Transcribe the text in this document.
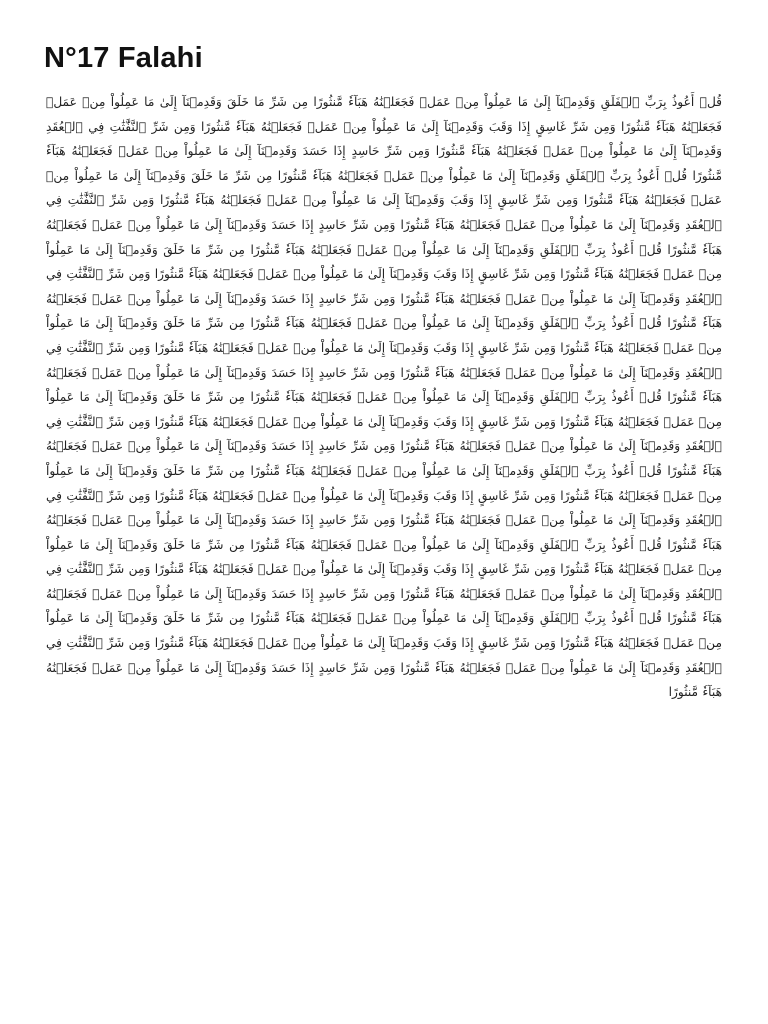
N°17 Falahi

قُلۡ أَعُوذُ بِرَبِّ ٱلۡفَلَقِ وَقَدِمۡنَآ إِلَىٰ مَا عَمِلُواْ مِنۡ عَمَلٖ فَجَعَلۡنَٰهُ هَبَآءٗ مَّنثُورًا مِن شَرِّ مَا خَلَقَ وَقَدِمۡنَآ إِلَىٰ مَا عَمِلُواْ مِنۡ عَمَلٖ فَجَعَلۡنَٰهُ هَبَآءٗ مَّنثُورًا وَمِن شَرِّ غَاسِقٍ إِذَا وَقَبَ وَقَدِمۡنَآ إِلَىٰ مَا عَمِلُواْ مِنۡ عَمَلٖ فَجَعَلۡنَٰهُ هَبَآءٗ مَّنثُورًا وَمِن شَرِّ ٱلنَّفَّٰثَٰتِ فِي ٱلۡعُقَدِ وَقَدِمۡنَآ إِلَىٰ مَا عَمِلُواْ مِنۡ عَمَلٖ فَجَعَلۡنَٰهُ هَبَآءٗ مَّنثُورًا وَمِن شَرِّ حَاسِدٍ إِذَا حَسَدَ وَقَدِمۡنَآ إِلَىٰ مَا عَمِلُواْ مِنۡ عَمَلٖ فَجَعَلۡنَٰهُ هَبَآءٗ مَّنثُورًا قُلۡ أَعُوذُ بِرَبِّ ٱلۡفَلَقِ وَقَدِمۡنَآ إِلَىٰ مَا عَمِلُواْ مِنۡ عَمَلٖ فَجَعَلۡنَٰهُ هَبَآءٗ مَّنثُورًا مِن شَرِّ مَا خَلَقَ وَقَدِمۡنَآ إِلَىٰ مَا عَمِلُواْ مِنۡ عَمَلٖ فَجَعَلۡنَٰهُ هَبَآءٗ مَّنثُورًا وَمِن شَرِّ غَاسِقٍ إِذَا وَقَبَ وَقَدِمۡنَآ إِلَىٰ مَا عَمِلُواْ مِنۡ عَمَلٖ فَجَعَلۡنَٰهُ هَبَآءٗ مَّنثُورًا وَمِن شَرِّ ٱلنَّفَّٰثَٰتِ فِي ٱلۡعُقَدِ وَقَدِمۡنَآ إِلَىٰ مَا عَمِلُواْ مِنۡ عَمَلٖ فَجَعَلۡنَٰهُ هَبَآءٗ مَّنثُورًا وَمِن شَرِّ حَاسِدٍ إِذَا حَسَدَ وَقَدِمۡنَآ إِلَىٰ مَا عَمِلُواْ مِنۡ عَمَلٖ فَجَعَلۡنَٰهُ هَبَآءٗ مَّنثُورًا قُلۡ أَعُوذُ بِرَبِّ ٱلۡفَلَقِ وَقَدِمۡنَآ إِلَىٰ مَا عَمِلُواْ مِنۡ عَمَلٖ فَجَعَلۡنَٰهُ هَبَآءٗ مَّنثُورًا مِن شَرِّ مَا خَلَقَ وَقَدِمۡنَآ إِلَىٰ مَا عَمِلُواْ مِنۡ عَمَلٖ فَجَعَلۡنَٰهُ هَبَآءٗ مَّنثُورًا وَمِن شَرِّ غَاسِقٍ إِذَا وَقَبَ وَقَدِمۡنَآ إِلَىٰ مَا عَمِلُواْ مِنۡ عَمَلٖ فَجَعَلۡنَٰهُ هَبَآءٗ مَّنثُورًا وَمِن شَرِّ ٱلنَّفَّٰثَٰتِ فِي ٱلۡعُقَدِ وَقَدِمۡنَآ إِلَىٰ مَا عَمِلُواْ مِنۡ عَمَلٖ فَجَعَلۡنَٰهُ هَبَآءٗ مَّنثُورًا وَمِن شَرِّ حَاسِدٍ إِذَا حَسَدَ وَقَدِمۡنَآ إِلَىٰ مَا عَمِلُواْ مِنۡ عَمَلٖ فَجَعَلۡنَٰهُ هَبَآءٗ مَّنثُورًا قُلۡ أَعُوذُ بِرَبِّ ٱلۡفَلَقِ وَقَدِمۡنَآ إِلَىٰ مَا عَمِلُواْ مِنۡ عَمَلٖ فَجَعَلۡنَٰهُ هَبَآءٗ مَّنثُورًا مِن شَرِّ مَا خَلَقَ وَقَدِمۡنَآ إِلَىٰ مَا عَمِلُواْ مِنۡ عَمَلٖ فَجَعَلۡنَٰهُ هَبَآءٗ مَّنثُورًا وَمِن شَرِّ غَاسِقٍ إِذَا وَقَبَ وَقَدِمۡنَآ إِلَىٰ مَا عَمِلُواْ مِنۡ عَمَلٖ فَجَعَلۡنَٰهُ هَبَآءٗ مَّنثُورًا وَمِن شَرِّ ٱلنَّفَّٰثَٰتِ فِي ٱلۡعُقَدِ وَقَدِمۡنَآ إِلَىٰ مَا عَمِلُواْ مِنۡ عَمَلٖ فَجَعَلۡنَٰهُ هَبَآءٗ مَّنثُورًا وَمِن شَرِّ حَاسِدٍ إِذَا حَسَدَ وَقَدِمۡنَآ إِلَىٰ مَا عَمِلُواْ مِنۡ عَمَلٖ فَجَعَلۡنَٰهُ هَبَآءٗ مَّنثُورًا قُلۡ أَعُوذُ بِرَبِّ ٱلۡفَلَقِ وَقَدِمۡنَآ إِلَىٰ مَا عَمِلُواْ مِنۡ عَمَلٖ فَجَعَلۡنَٰهُ هَبَآءٗ مَّنثُورًا مِن شَرِّ مَا خَلَقَ وَقَدِمۡنَآ إِلَىٰ مَا عَمِلُواْ مِنۡ عَمَلٖ فَجَعَلۡنَٰهُ هَبَآءٗ مَّنثُورًا وَمِن شَرِّ غَاسِقٍ إِذَا وَقَبَ وَقَدِمۡنَآ إِلَىٰ مَا عَمِلُواْ مِنۡ عَمَلٖ فَجَعَلۡنَٰهُ هَبَآءٗ مَّنثُورًا وَمِن شَرِّ ٱلنَّفَّٰثَٰتِ فِي ٱلۡعُقَدِ وَقَدِمۡنَآ إِلَىٰ مَا عَمِلُواْ مِنۡ عَمَلٖ فَجَعَلۡنَٰهُ هَبَآءٗ مَّنثُورًا وَمِن شَرِّ حَاسِدٍ إِذَا حَسَدَ وَقَدِمۡنَآ إِلَىٰ مَا عَمِلُواْ مِنۡ عَمَلٖ فَجَعَلۡنَٰهُ هَبَآءٗ مَّنثُورًا قُلۡ أَعُوذُ بِرَبِّ ٱلۡفَلَقِ وَقَدِمۡنَآ إِلَىٰ مَا عَمِلُواْ مِنۡ عَمَلٖ فَجَعَلۡنَٰهُ هَبَآءٗ مَّنثُورًا مِن شَرِّ مَا خَلَقَ وَقَدِمۡنَآ إِلَىٰ مَا عَمِلُواْ مِنۡ عَمَلٖ فَجَعَلۡنَٰهُ هَبَآءٗ مَّنثُورًا وَمِن شَرِّ غَاسِقٍ إِذَا وَقَبَ وَقَدِمۡنَآ إِلَىٰ مَا عَمِلُواْ مِنۡ عَمَلٖ فَجَعَلۡنَٰهُ هَبَآءٗ مَّنثُورًا وَمِن شَرِّ ٱلنَّفَّٰثَٰتِ فِي ٱلۡعُقَدِ وَقَدِمۡنَآ إِلَىٰ مَا عَمِلُواْ مِنۡ عَمَلٖ فَجَعَلۡنَٰهُ هَبَآءٗ مَّنثُورًا وَمِن شَرِّ حَاسِدٍ إِذَا حَسَدَ وَقَدِمۡنَآ إِلَىٰ مَا عَمِلُواْ مِنۡ عَمَلٖ فَجَعَلۡنَٰهُ هَبَآءٗ مَّنثُورًا قُلۡ أَعُوذُ بِرَبِّ ٱلۡفَلَقِ وَقَدِمۡنَآ إِلَىٰ مَا عَمِلُواْ مِنۡ عَمَلٖ فَجَعَلۡنَٰهُ هَبَآءٗ مَّنثُورًا مِن شَرِّ مَا خَلَقَ وَقَدِمۡنَآ إِلَىٰ مَا عَمِلُواْ مِنۡ عَمَلٖ فَجَعَلۡنَٰهُ هَبَآءٗ مَّنثُورًا وَمِن شَرِّ غَاسِقٍ إِذَا وَقَبَ وَقَدِمۡنَآ إِلَىٰ مَا عَمِلُواْ مِنۡ عَمَلٖ فَجَعَلۡنَٰهُ هَبَآءٗ مَّنثُورًا وَمِن شَرِّ ٱلنَّفَّٰثَٰتِ فِي ٱلۡعُقَدِ وَقَدِمۡنَآ إِلَىٰ مَا عَمِلُواْ مِنۡ عَمَلٖ فَجَعَلۡنَٰهُ هَبَآءٗ مَّنثُورًا وَمِن شَرِّ حَاسِدٍ إِذَا حَسَدَ وَقَدِمۡنَآ إِلَىٰ مَا عَمِلُواْ مِنۡ عَمَلٖ فَجَعَلۡنَٰهُ هَبَآءٗ مَّنثُورًا قُلۡ أَعُوذُ بِرَبِّ ٱلۡفَلَقِ وَقَدِمۡنَآ إِلَىٰ مَا عَمِلُواْ مِنۡ عَمَلٖ فَجَعَلۡنَٰهُ هَبَآءٗ مَّنثُورًا مِن شَرِّ مَا خَلَقَ وَقَدِمۡنَآ إِلَىٰ مَا عَمِلُواْ مِنۡ عَمَلٖ فَجَعَلۡنَٰهُ هَبَآءٗ مَّنثُورًا وَمِن شَرِّ غَاسِقٍ إِذَا وَقَبَ وَقَدِمۡنَآ إِلَىٰ مَا عَمِلُواْ مِنۡ عَمَلٖ فَجَعَلۡنَٰهُ هَبَآءٗ مَّنثُورًا وَمِن شَرِّ ٱلنَّفَّٰثَٰتِ فِي ٱلۡعُقَدِ وَقَدِمۡنَآ إِلَىٰ مَا عَمِلُواْ مِنۡ عَمَلٖ فَجَعَلۡنَٰهُ هَبَآءٗ مَّنثُورًا وَمِن شَرِّ حَاسِدٍ إِذَا حَسَدَ وَقَدِمۡنَآ إِلَىٰ مَا عَمِلُواْ مِنۡ عَمَلٖ فَجَعَلۡنَٰهُ هَبَآءٗ مَّنثُورًا
